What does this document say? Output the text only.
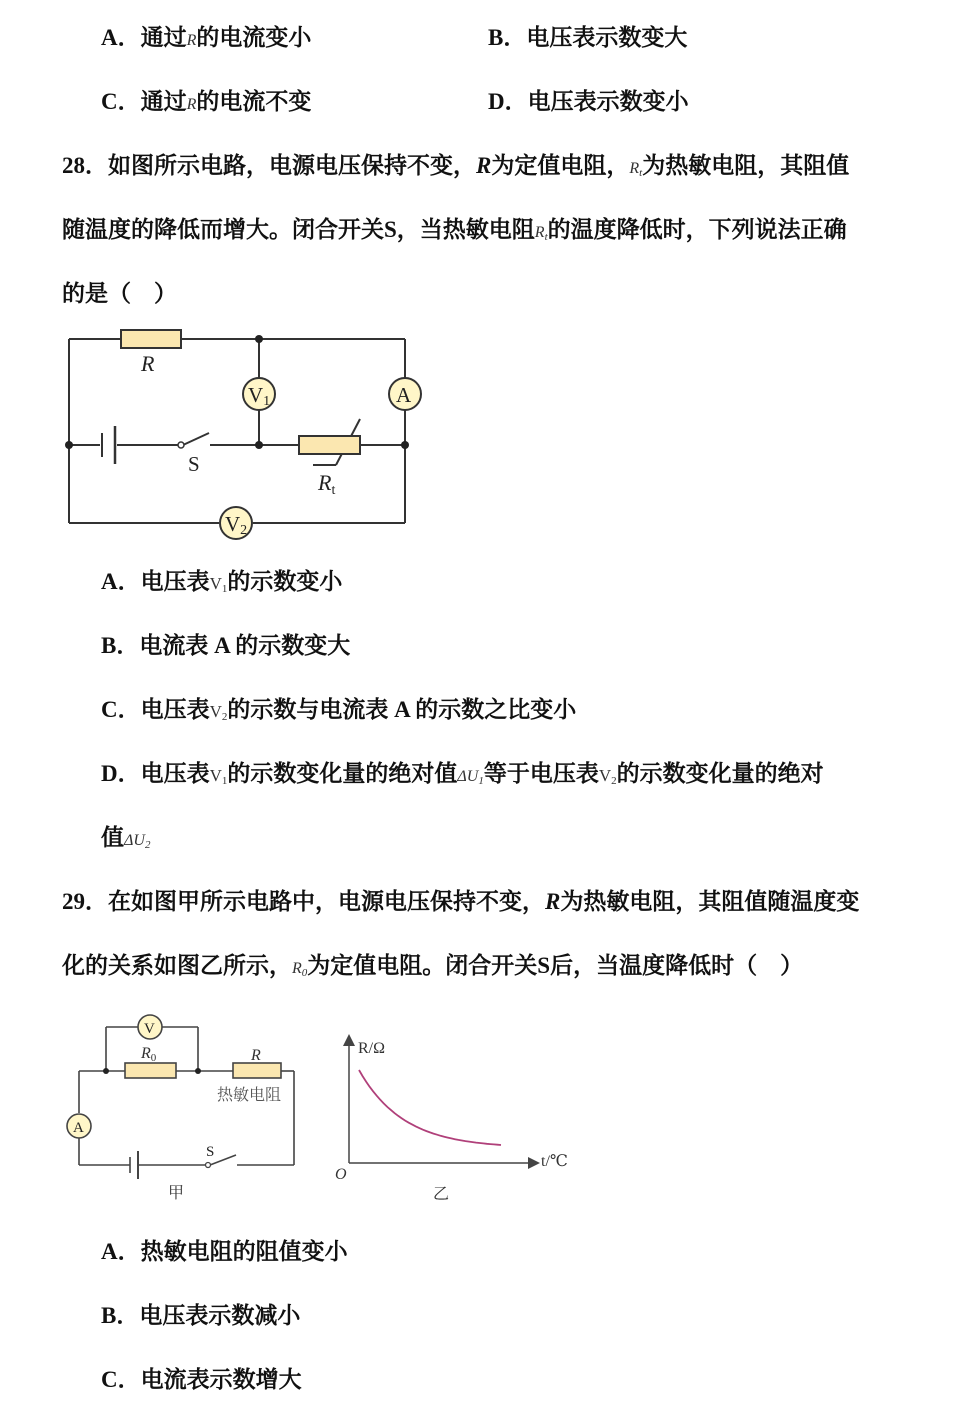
A．通过R的电流变小	B．电压表示数变大
C．通过R的电流不变	D．电压表示数变小
28．如图所示电路，电源电压保持不变，R为定值电阻，$R_t$为热敏电阻，其阻值
随温度的降低而增大。闭合开关S，当热敏电阻$R_t$的温度降低时，下列说法正确
的是（　）
R
V1	A
S
Rt
V2
A．电压表$V_1$的示数变小
B．电流表 A 的示数变大
C．电压表$V_2$的示数与电流表 A 的示数之比变小
D．电压表$V_1$的示数变化量的绝对值$\Delta U_1$等于电压表$V_2$的示数变化量的绝对
值$\Delta U_2$
29．在如图甲所示电路中，电源电压保持不变，R为热敏电阻，其阻值随温度变
化的关系如图乙所示，$R_0$为定值电阻。闭合开关S后，当温度降低时（　）
V
R0	R
热敏电阻
A
S
甲
R/Ω
t/℃
O
乙
A．热敏电阻的阻值变小
B．电压表示数减小
C．电流表示数增大
